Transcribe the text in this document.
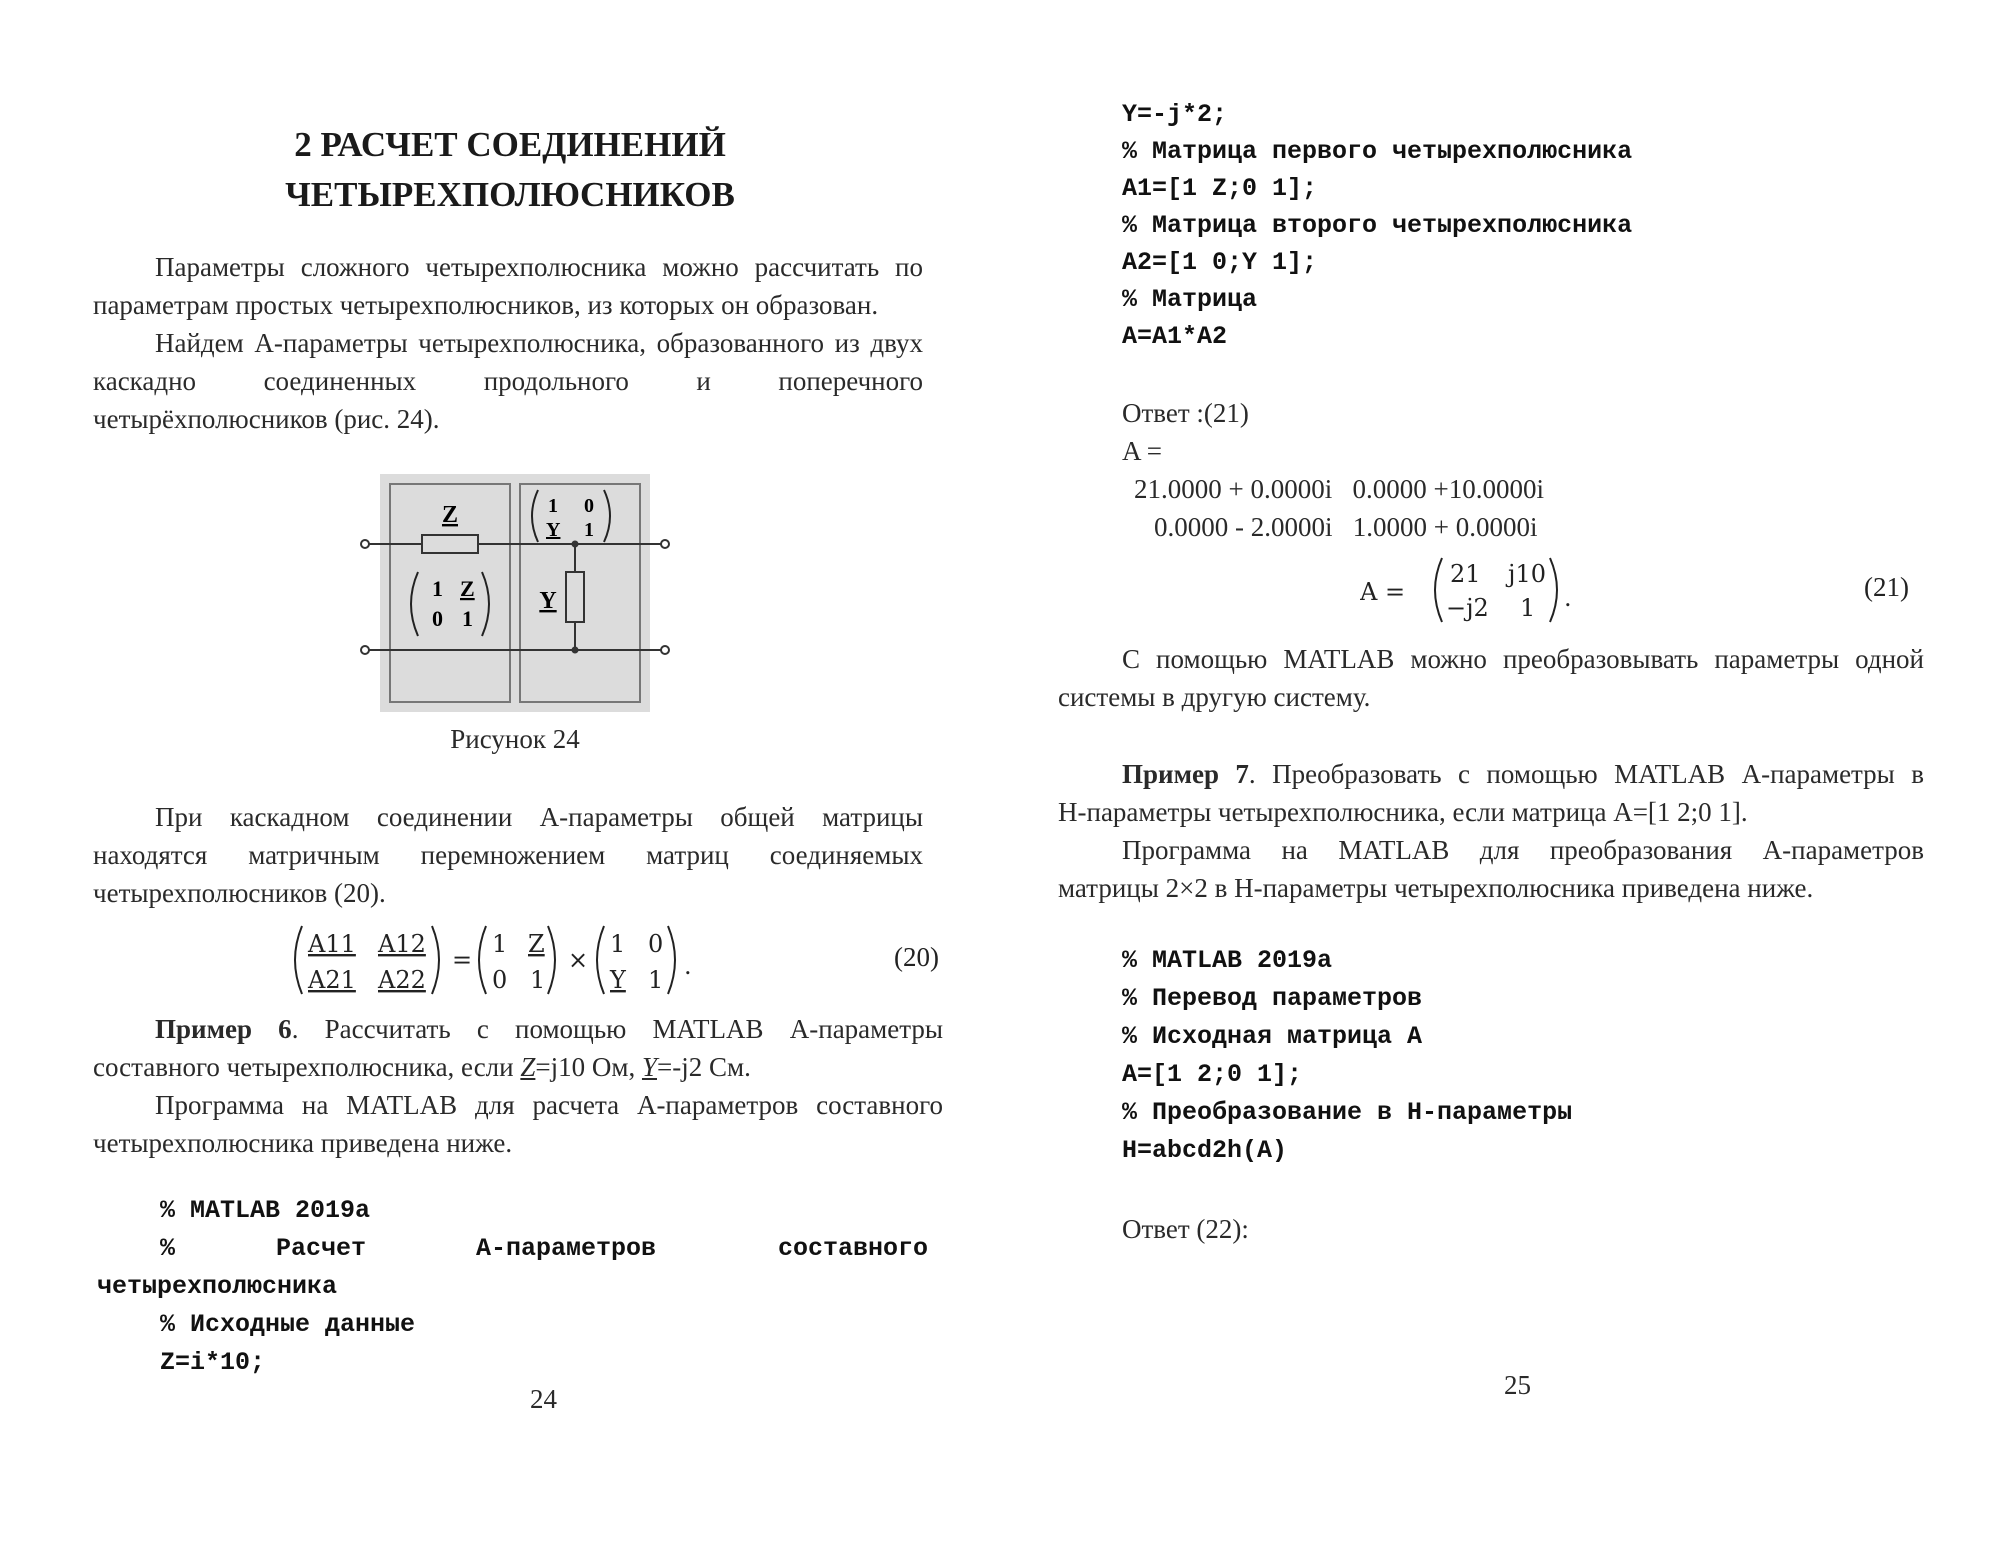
2 РАСЧЕТ СОЕДИНЕНИЙ
ЧЕТЫРЕХПОЛЮСНИКОВ
Параметры сложного четырехполюсника можно рассчитать по
параметрам простых четырехполюсников, из которых он образован.
Найдем А-параметры четырехполюсника, образованного из двух
каскадно соединенных продольного и поперечного
четырёхполюсников (рис. 24).
Z
Y
1 Z
0 1
1 0
Y 1
Рисунок 24
При каскадном соединении А-параметры общей матрицы
находятся матричным перемножением матриц соединяемых
четырехполюсников (20).
A11 A12
A21 A22
=
1 Z
0 1
×
1 0
Y 1 .	(20)
Пример 6. Рассчитать с помощью MATLAB А-параметры
составного четырехполюсника, если Z=j10 Ом, Y=-j2 См.
Программа на MATLAB для расчета А-параметров составного
четырехполюсника приведена ниже.
% MATLAB 2019a
%	Расчет	А-параметров	составного
четырехполюсника
% Исходные данные
Z=i*10;
24
Y=-j*2;
% Матрица первого четырехполюсника
A1=[1 Z;0 1];
% Матрица второго четырехполюсника
A2=[1 0;Y 1];
% Матрица
A=A1*A2
Ответ :(21)
A =
21.0000 + 0.0000i   0.0000 +10.0000i
0.0000 - 2.0000i   1.0000 + 0.0000i
A =
21 j10
−j2 1 .	(21)
С помощью MATLAB можно преобразовывать параметры одной
системы в другую систему.
Пример 7. Преобразовать с помощью MATLAB А-параметры в
Н-параметры четырехполюсника, если матрица А=[1 2;0 1].
Программа на MATLAB для преобразования А-параметров
матрицы 2×2 в Н-параметры четырехполюсника приведена ниже.
% MATLAB 2019a
% Перевод параметров
% Исходная матрица A
A=[1 2;0 1];
% Преобразование в H-параметры
H=abcd2h(A)
Ответ (22):
25
